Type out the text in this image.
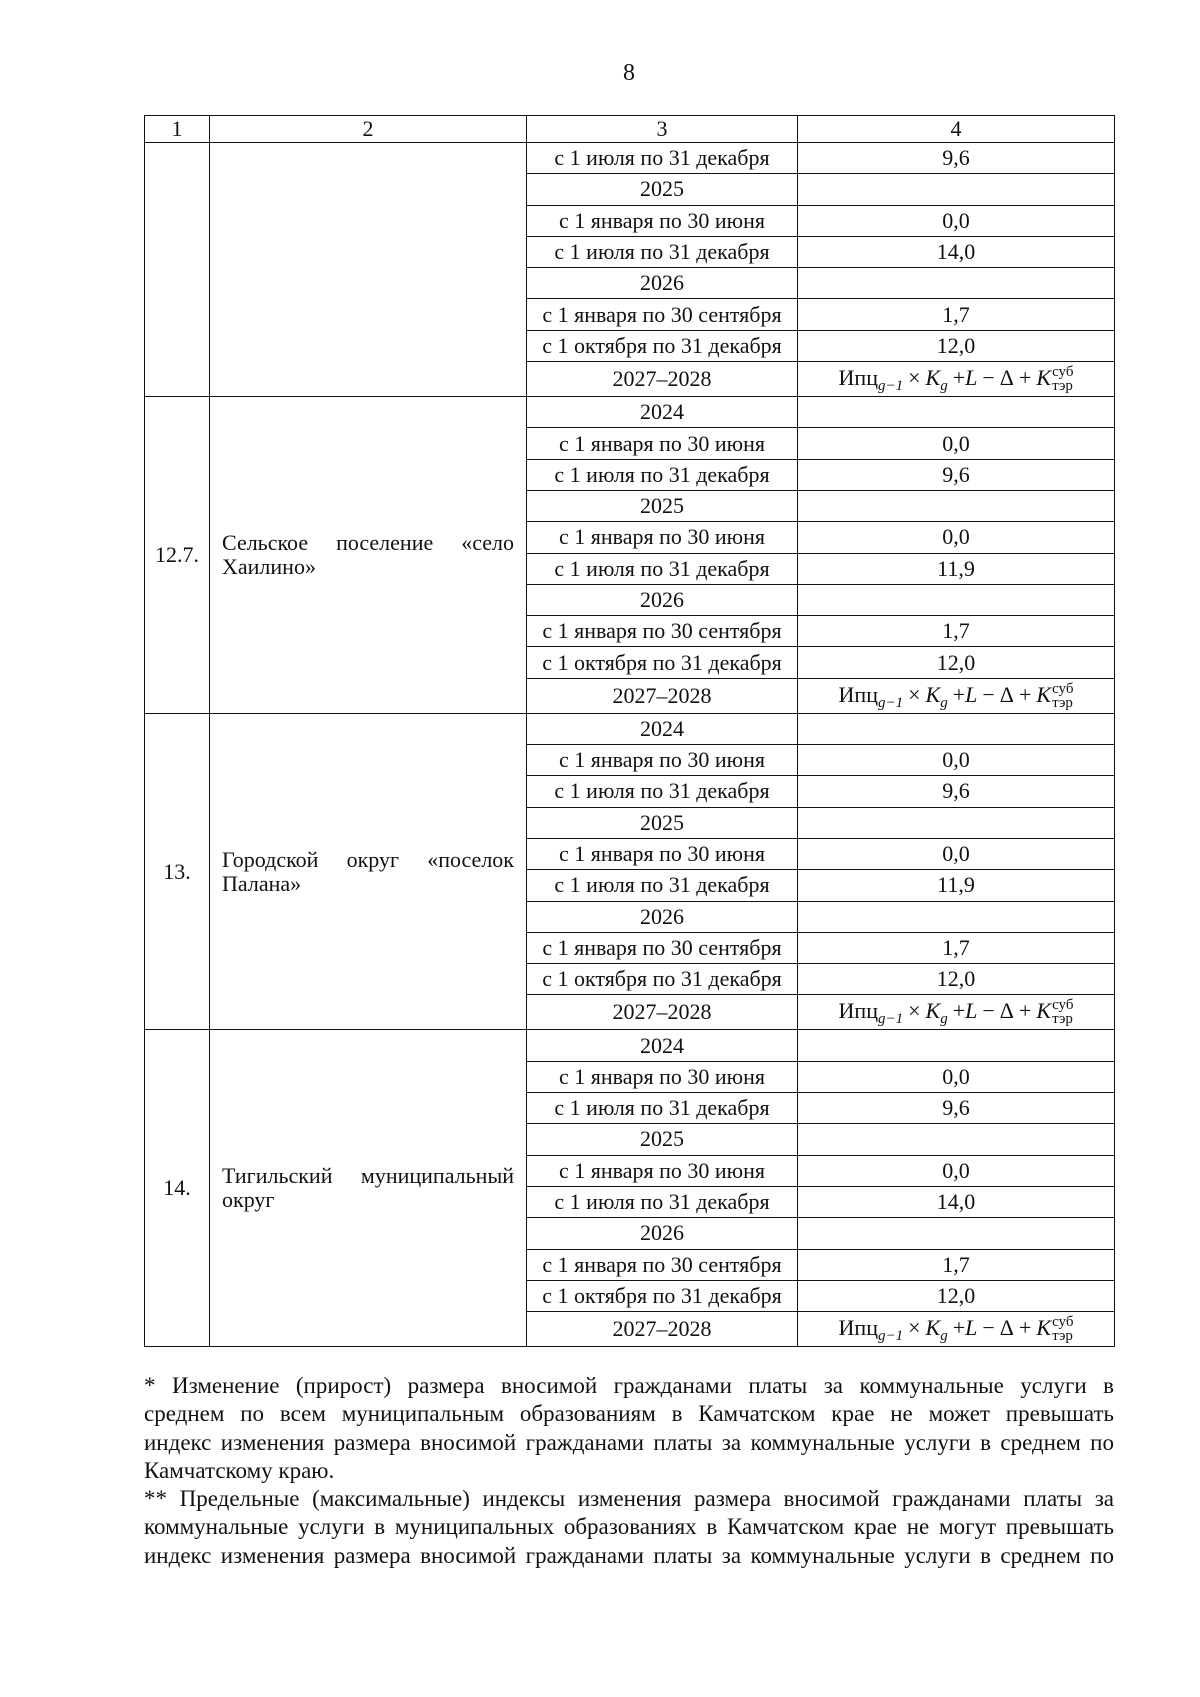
8
1	2	3	4
		с 1 июля по 31 декабря	9,6
		2025	
		с 1 января по 30 июня	0,0
		с 1 июля по 31 декабря	14,0
		2026	
		с 1 января по 30 сентября	1,7
		с 1 октября по 31 декабря	12,0
		2027–2028	$Ипц_{g-1} \times K_g +L - \Delta + K$ суб
тэр

12.7.	Сельское поселение «село Хаилино»	2024	
		с 1 января по 30 июня	0,0
		с 1 июля по 31 декабря	9,6
		2025	
		с 1 января по 30 июня	0,0
		с 1 июля по 31 декабря	11,9
		2026	
		с 1 января по 30 сентября	1,7
		с 1 октября по 31 декабря	12,0
		2027–2028	$Ипц_{g-1} \times K_g +L - \Delta + K$ суб
тэр

13.	Городской округ «поселок Палана»	2024	
		с 1 января по 30 июня	0,0
		с 1 июля по 31 декабря	9,6
		2025	
		с 1 января по 30 июня	0,0
		с 1 июля по 31 декабря	11,9
		2026	
		с 1 января по 30 сентября	1,7
		с 1 октября по 31 декабря	12,0
		2027–2028	$Ипц_{g-1} \times K_g +L - \Delta + K$ суб
тэр

14.	Тигильский муниципальный округ	2024	
		с 1 января по 30 июня	0,0
		с 1 июля по 31 декабря	9,6
		2025	
		с 1 января по 30 июня	0,0
		с 1 июля по 31 декабря	14,0
		2026	
		с 1 января по 30 сентября	1,7
		с 1 октября по 31 декабря	12,0
		2027–2028	$Ипц_{g-1} \times K_g +L - \Delta + K$ суб
тэр
* Изменение (прирост) размера вносимой гражданами платы за коммунальные услуги в
среднем по всем муниципальным образованиям в Камчатском крае не может превышать
индекс изменения размера вносимой гражданами платы за коммунальные услуги в среднем по
Камчатскому краю.
** Предельные (максимальные) индексы изменения размера вносимой гражданами платы за
коммунальные услуги в муниципальных образованиях в Камчатском крае не могут превышать
индекс изменения размера вносимой гражданами платы за коммунальные услуги в среднем по
